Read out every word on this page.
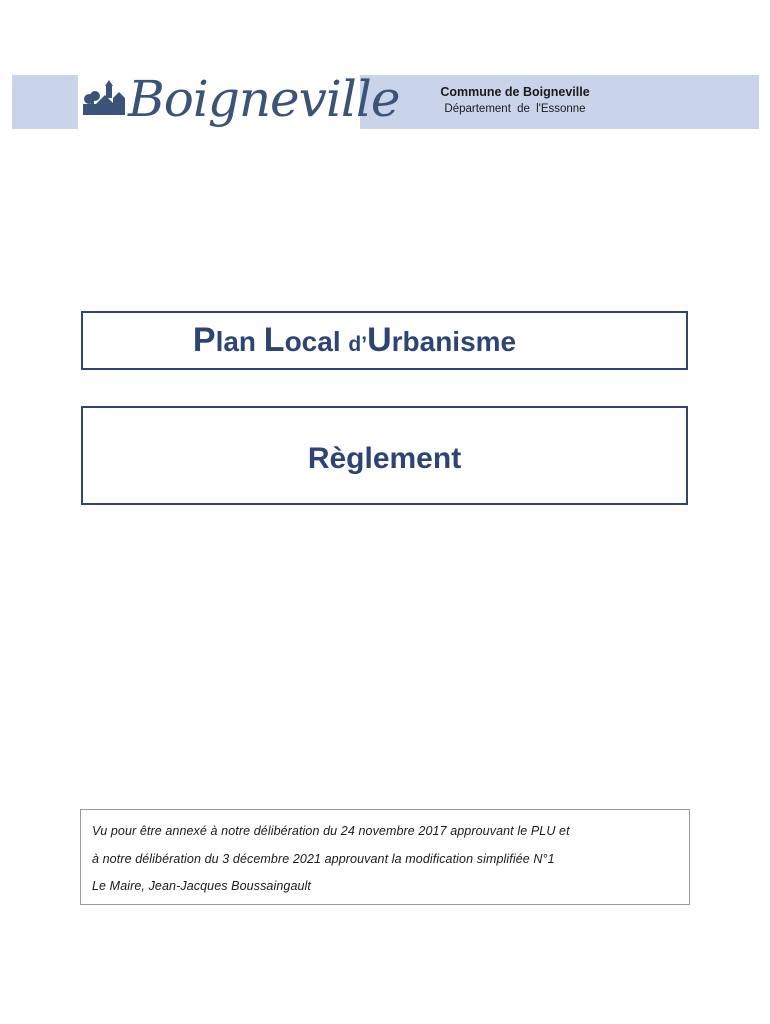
Boigneville	Commune de Boigneville
Département de l'Essonne
Plan Local d’Urbanisme
Règlement

Vu pour être annexé à notre délibération du 24 novembre 2017 approuvant le PLU et

à notre délibération du 3 décembre 2021 approuvant la modification simplifiée N°1

Le Maire, Jean-Jacques Boussaingault
